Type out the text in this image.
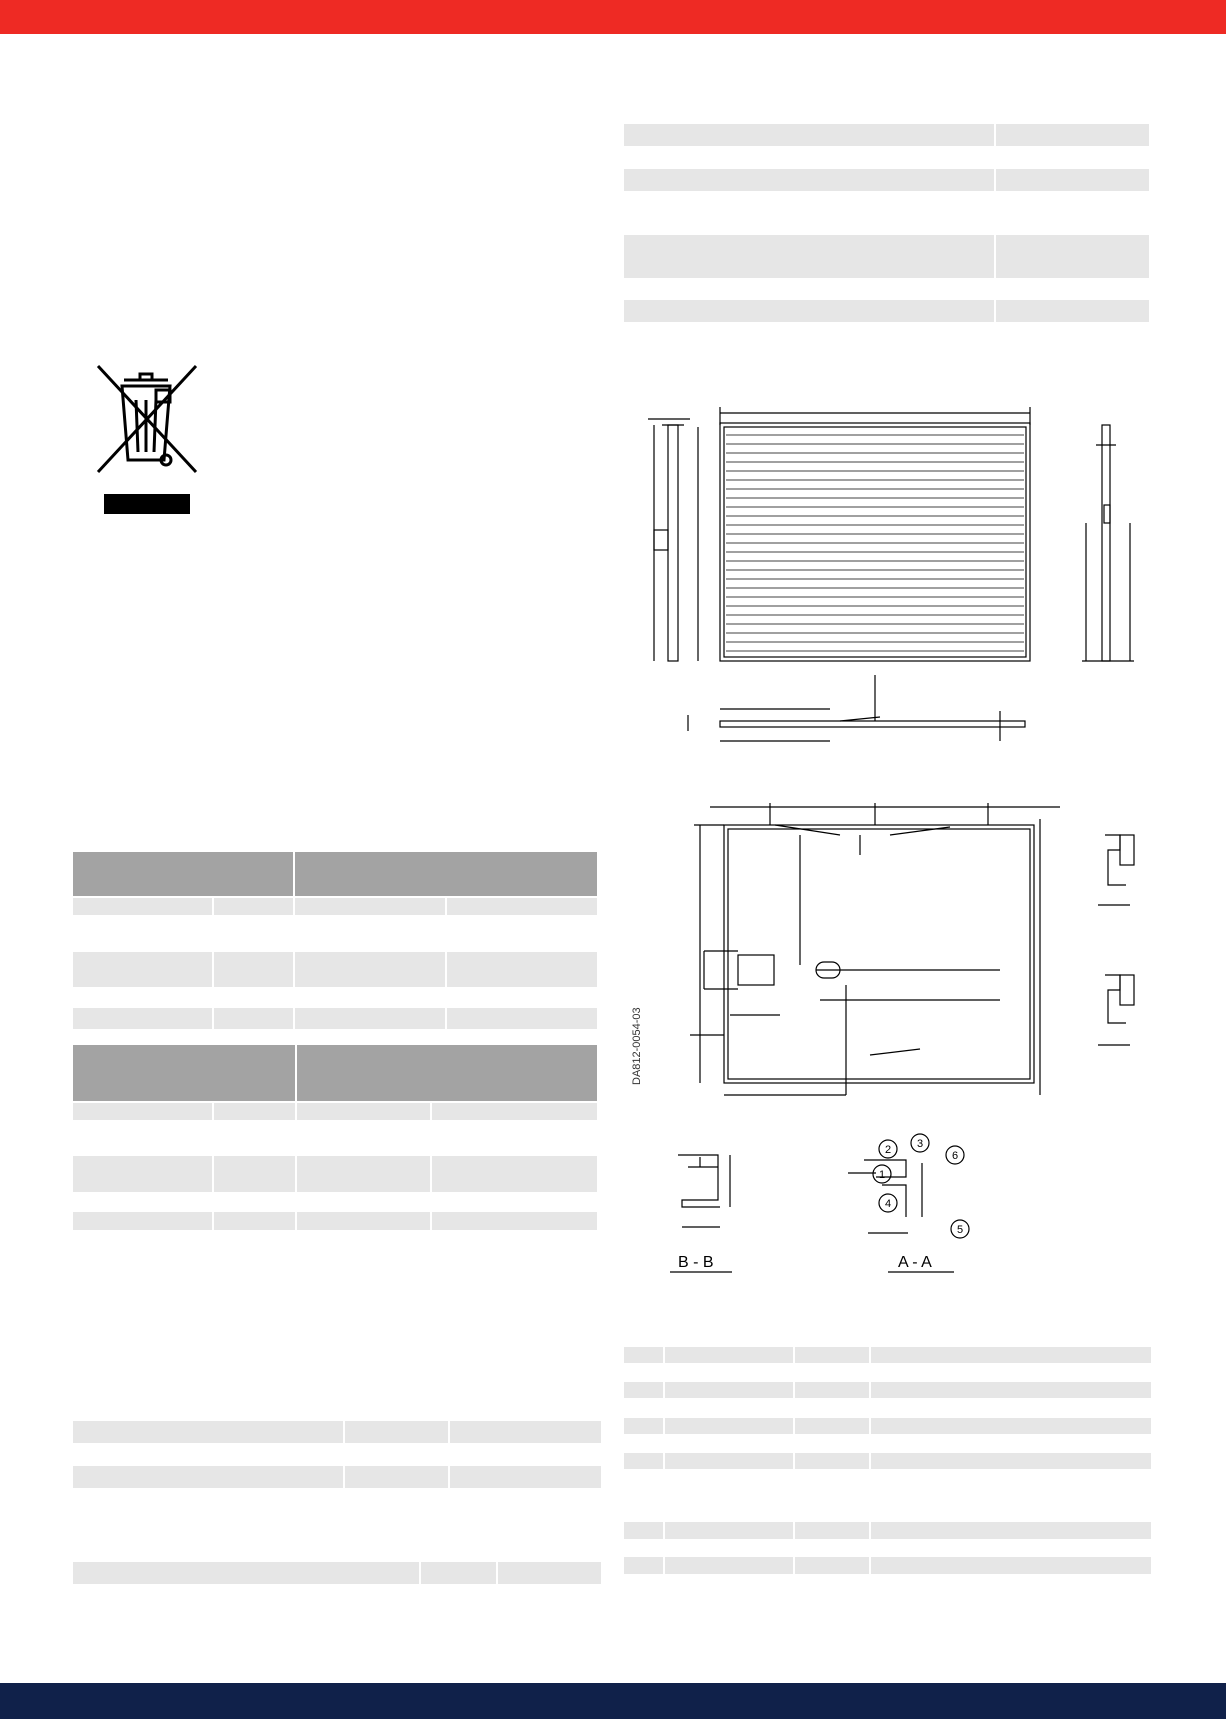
DA812-0054-03
B - B	A - A
1
2 3
4
5
6
